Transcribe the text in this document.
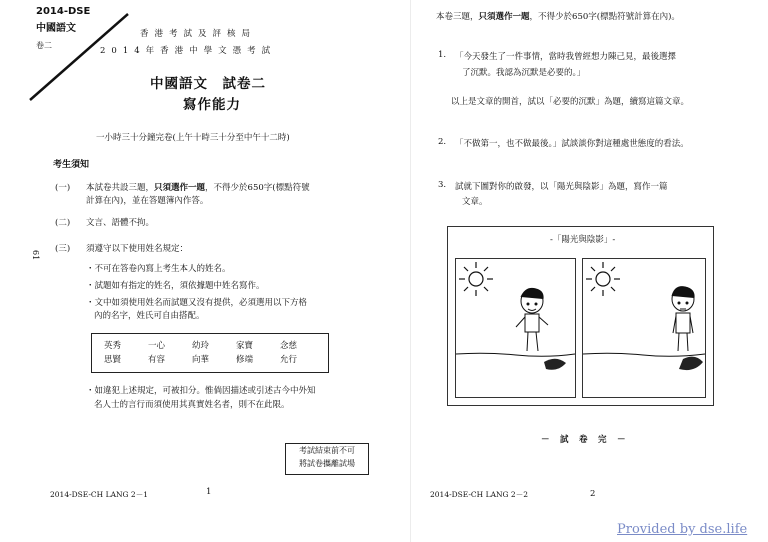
2014-DSE
中國語文
卷二
香港考試及評核局
2014年香港中學文憑考試
中國語文　試卷二
寫作能力
一小時三十分鐘完卷(上午十時三十分至中午十二時)
考生須知
(一) 本試卷共設三題，只須選作一題，不得少於650字(標點符號
計算在內)，並在答題簿內作答。
(二) 文言、語體不拘。
(三) 須遵守以下使用姓名規定：
61
・不可在答卷內寫上考生本人的姓名。
・試題如有指定的姓名，須依據題中姓名寫作。
・文中如須使用姓名而試題又沒有提供，必須選用以下方格
內的名字，姓氏可自由搭配。
英秀	一心	幼玲	家寶	念慈
思賢	有容	向華	修端	允行
・如違犯上述規定，可被扣分。惟倘因描述或引述古今中外知
名人士的言行而須使用其真實姓名者，則不在此限。
考試結束前不可
將試卷攜離試場
2014-DSE-CH LANG 2－1	1
本卷三題，只須選作一題，不得少於650字(標點符號計算在內)。
1. 「今天發生了一件事情，當時我曾經想力陳己見，最後選擇
了沉默。我認為沉默是必要的。」
以上是文章的開首，試以「必要的沉默」為題，續寫這篇文章。
2. 「不做第一，也不做最後。」試談談你對這種處世態度的看法。
3. 試就下圖對你的啟發，以「陽光與陰影」為題，寫作一篇
文章。
-「陽光與陰影」-
－　試　卷　完　－
2014-DSE-CH LANG 2－2	2
Provided by dse.life
